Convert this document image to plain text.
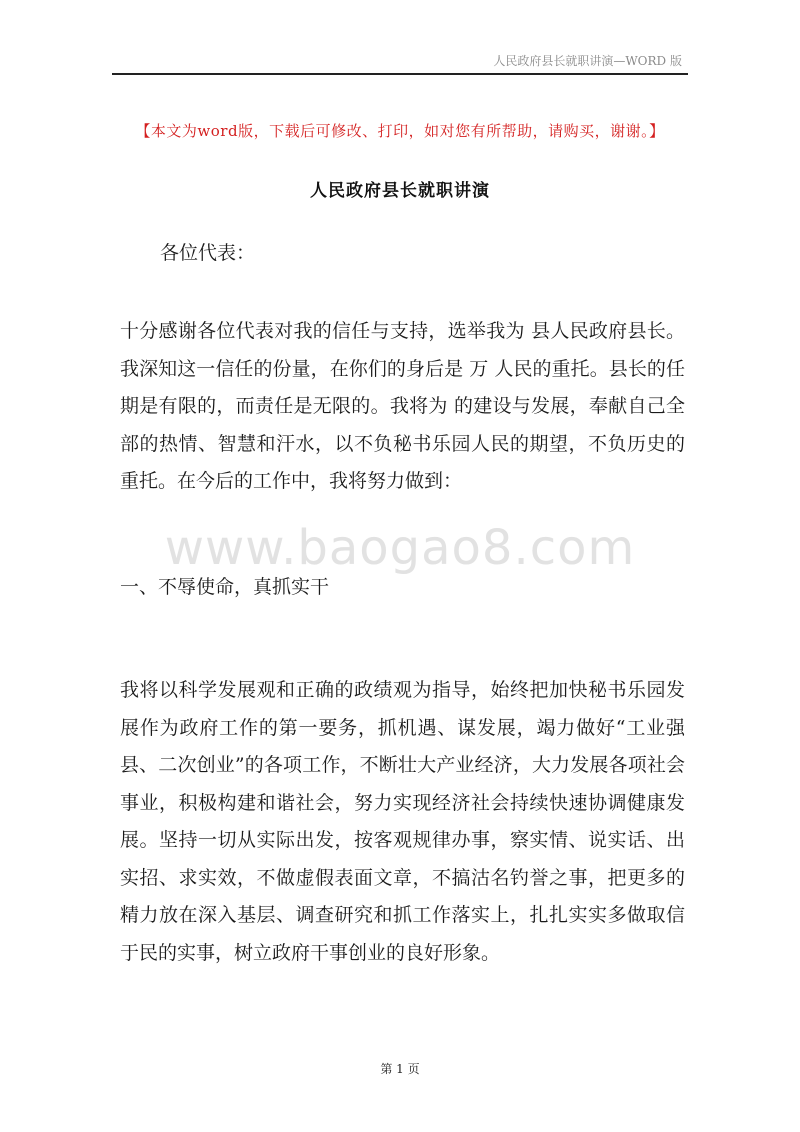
人民政府县长就职讲演—WORD 版
【本文为word版，下载后可修改、打印，如对您有所帮助，请购买，谢谢。】
人民政府县长就职讲演
各位代表：

十分感谢各位代表对我的信任与支持，选举我为 县人民政府县长。我深知这一信任的份量，在你们的身后是 万 人民的重托。县长的任期是有限的，而责任是无限的。我将为 的建设与发展，奉献自己全部的热情、智慧和汗水，以不负秘书乐园人民的期望，不负历史的重托。在今后的工作中，我将努力做到：

www.baogao8.com
一、不辱使命，真抓实干

我将以科学发展观和正确的政绩观为指导，始终把加快秘书乐园发展作为政府工作的第一要务，抓机遇、谋发展，竭力做好“工业强县、二次创业”的各项工作，不断壮大产业经济，大力发展各项社会事业，积极构建和谐社会，努力实现经济社会持续快速协调健康发展。坚持一切从实际出发，按客观规律办事，察实情、说实话、出实招、求实效，不做虚假表面文章，不搞沽名钓誉之事，把更多的精力放在深入基层、调查研究和抓工作落实上，扎扎实实多做取信于民的实事，树立政府干事创业的良好形象。

第 1 页
